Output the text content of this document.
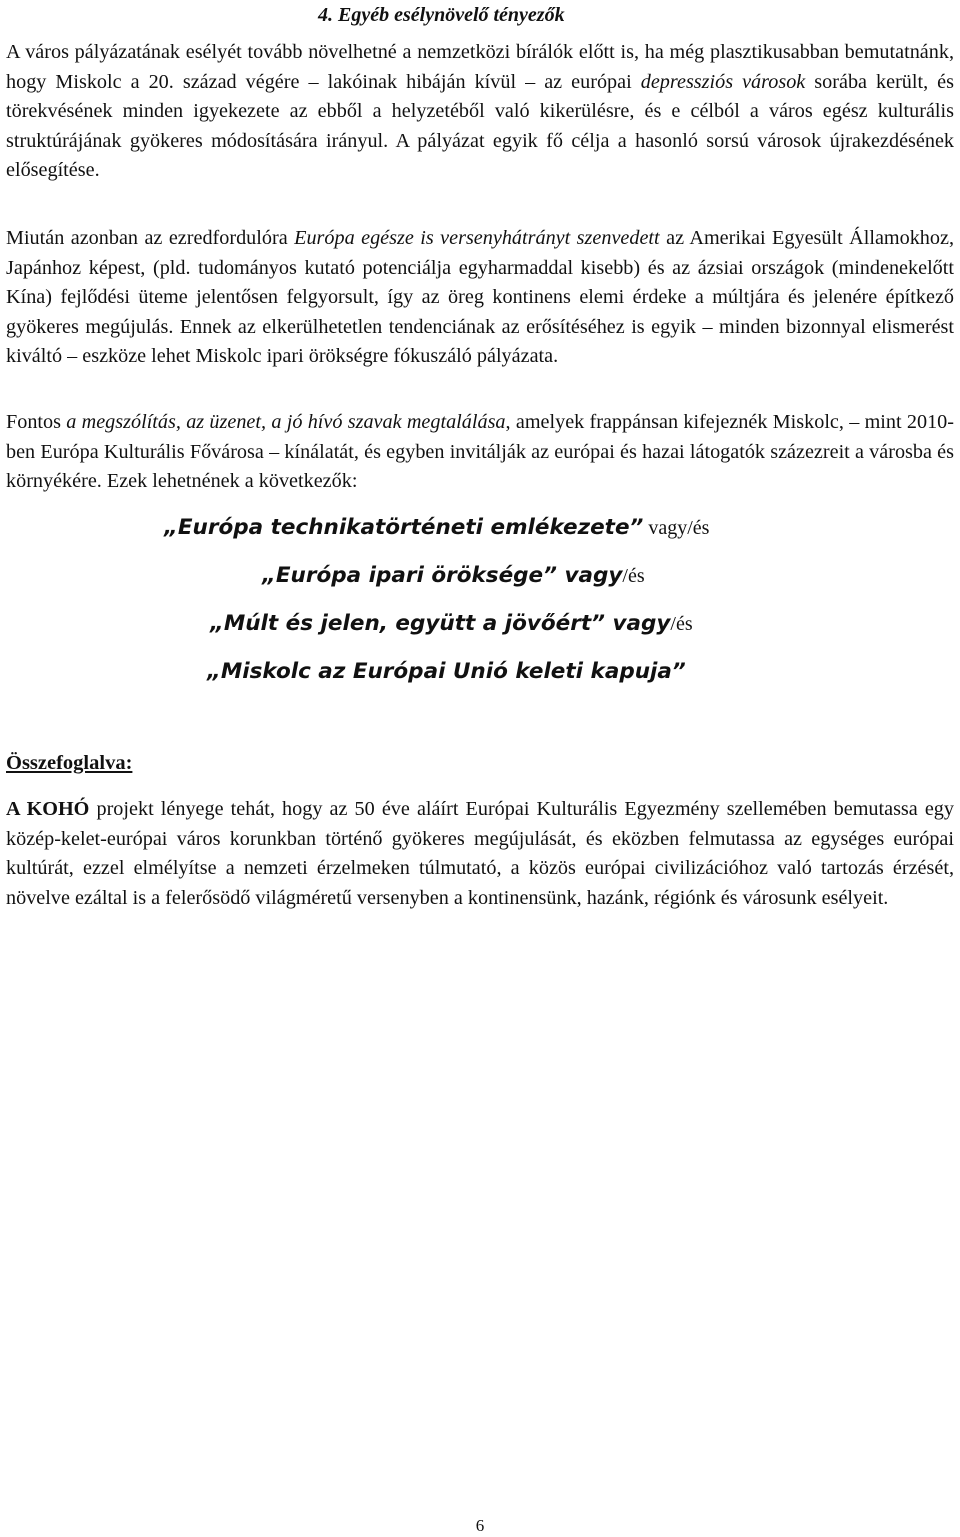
4. Egyéb esélynövelő tényezők

A város pályázatának esélyét tovább növelhetné a nemzetközi bírálók előtt is, ha még plasztikusabban bemutatnánk, hogy Miskolc a 20. század végére – lakóinak hibáján kívül – az európai depressziós városok sorába került, és törekvésének minden igyekezete az ebből a helyzetéből való kikerülésre, és e célból a város egész kulturális struktúrájának gyökeres módosítására irányul. A pályázat egyik fő célja a hasonló sorsú városok újrakezdésének elősegítése.

Miután azonban az ezredfordulóra Európa egésze is versenyhátrányt szenvedett az Amerikai Egyesült Államokhoz, Japánhoz képest, (pld. tudományos kutató potenciálja egyharmaddal kisebb) és az ázsiai országok (mindenekelőtt Kína) fejlődési üteme jelentősen felgyorsult, így az öreg kontinens elemi érdeke a múltjára és jelenére építkező gyökeres megújulás. Ennek az elkerülhetetlen tendenciának az erősítéséhez is egyik – minden bizonnyal elismerést kiváltó – eszköze lehet Miskolc ipari örökségre fókuszáló pályázata.

Fontos a megszólítás, az üzenet, a jó hívó szavak megtalálása, amelyek frappánsan kifejeznék Miskolc, – mint 2010-ben Európa Kulturális Fővárosa – kínálatát, és egyben invitálják az európai és hazai látogatók százezreit a városba és környékére. Ezek lehetnének a következők:

„Európa technikatörténeti emlékezete” vagy/és
„Európa ipari öröksége” vagy/és
„Múlt és jelen, együtt a jövőért” vagy/és
„Miskolc az Európai Unió keleti kapuja”
Összefoglalva:

A KOHÓ projekt lényege tehát, hogy az 50 éve aláírt Európai Kulturális Egyezmény szellemében bemutassa egy közép-kelet-európai város korunkban történő gyökeres megújulását, és eközben felmutassa az egységes európai kultúrát, ezzel elmélyítse a nemzeti érzelmeken túlmutató, a közös európai civilizációhoz való tartozás érzését, növelve ezáltal is a felerősödő világméretű versenyben a kontinensünk, hazánk, régiónk és városunk esélyeit.

6
